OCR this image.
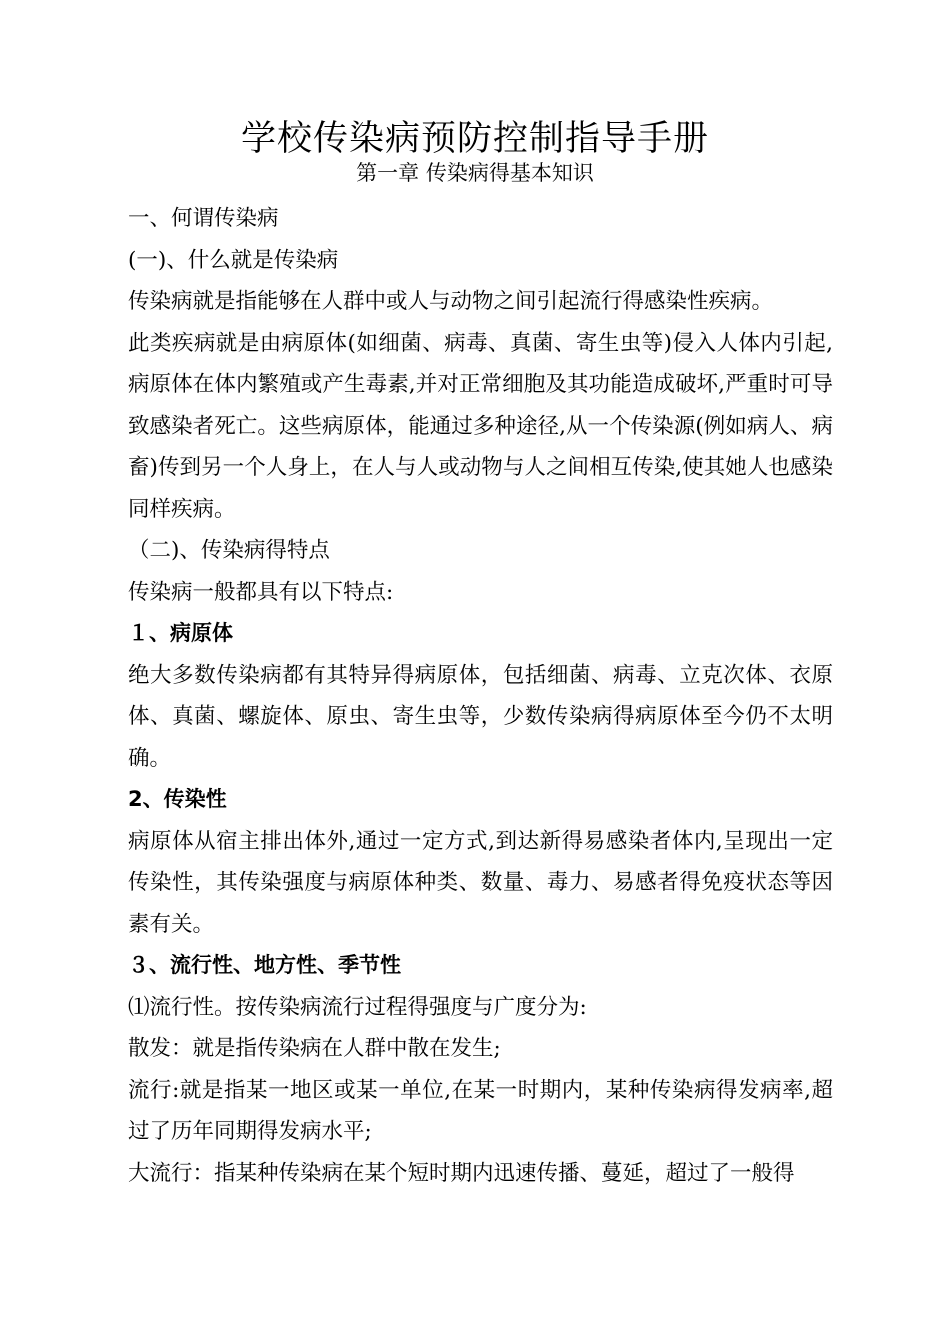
学校传染病预防控制指导手册
第一章 传染病得基本知识

一、何谓传染病

(一)、什么就是传染病

传染病就是指能够在人群中或人与动物之间引起流行得感染性疾病。

此类疾病就是由病原体(如细菌、病毒、真菌、寄生虫等)侵入人体内引起,病原体在体内繁殖或产生毒素,并对正常细胞及其功能造成破坏,严重时可导致感染者死亡。这些病原体，能通过多种途径,从一个传染源(例如病人、病畜)传到另一个人身上，在人与人或动物与人之间相互传染,使其她人也感染同样疾病。

（二)、传染病得特点

传染病一般都具有以下特点:

１、病原体

绝大多数传染病都有其特异得病原体，包括细菌、病毒、立克次体、衣原体、真菌、螺旋体、原虫、寄生虫等，少数传染病得病原体至今仍不太明确。

2、传染性

病原体从宿主排出体外,通过一定方式,到达新得易感染者体内,呈现出一定传染性，其传染强度与病原体种类、数量、毒力、易感者得免疫状态等因素有关。

３、流行性、地方性、季节性

⑴流行性。按传染病流行过程得强度与广度分为:

散发：就是指传染病在人群中散在发生;

流行:就是指某一地区或某一单位,在某一时期内，某种传染病得发病率,超过了历年同期得发病水平;

大流行：指某种传染病在某个短时期内迅速传播、蔓延，超过了一般得
